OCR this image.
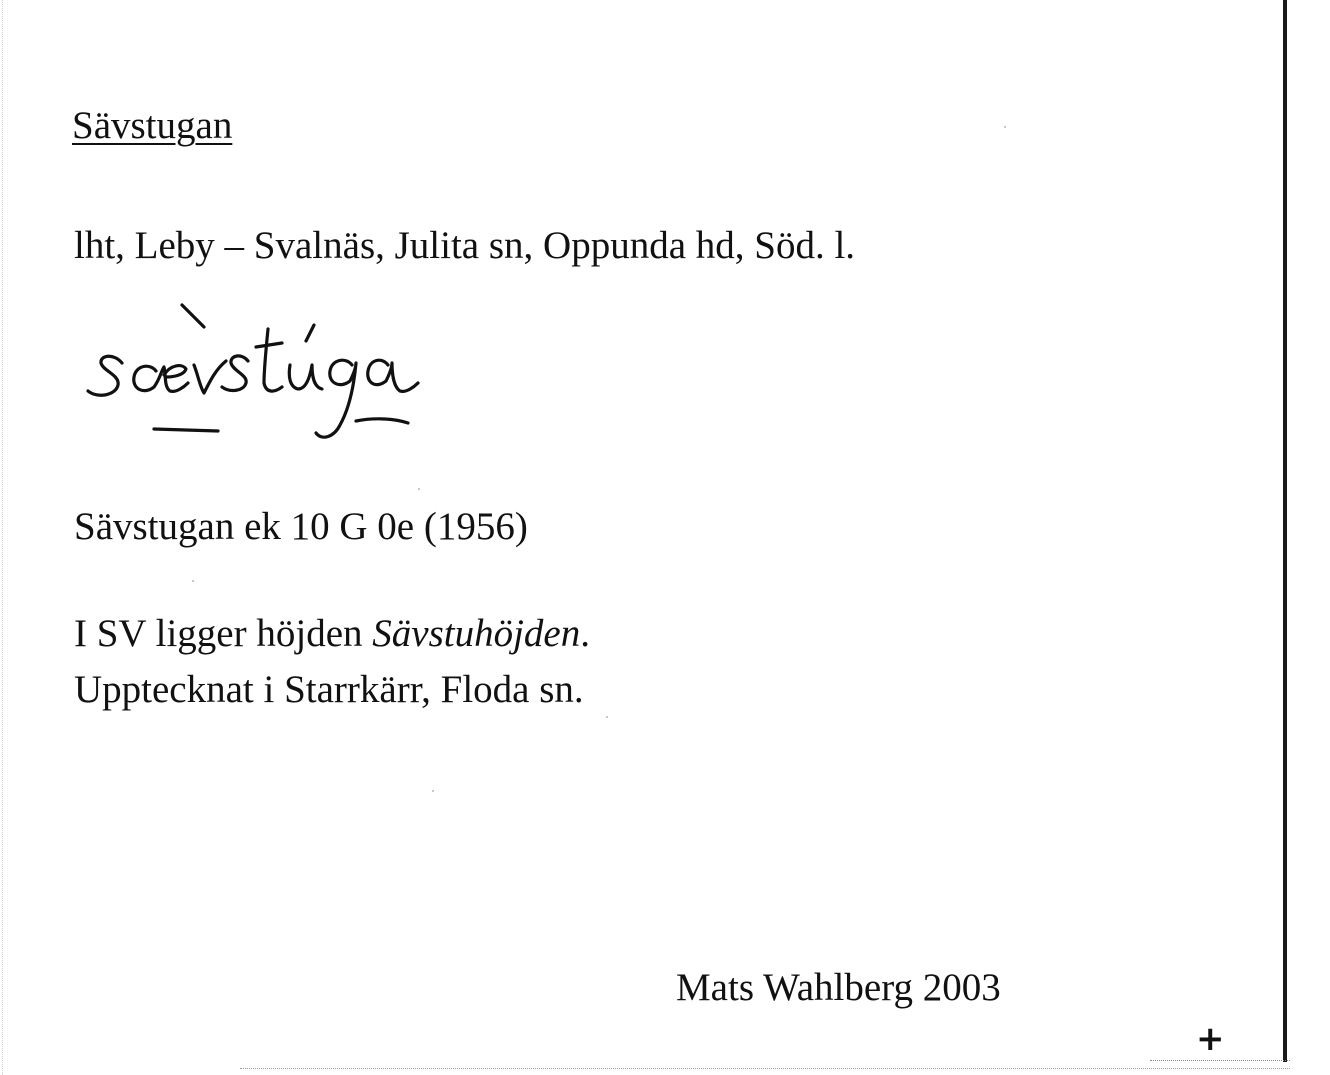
Sävstugan
lht, Leby – Svalnäs, Julita sn, Oppunda hd, Söd. l.
Sävstugan ek 10 G 0e (1956)
I SV ligger höjden Sävstuhöjden.
Upptecknat i Starrkärr, Floda sn.
Mats Wahlberg 2003
+
